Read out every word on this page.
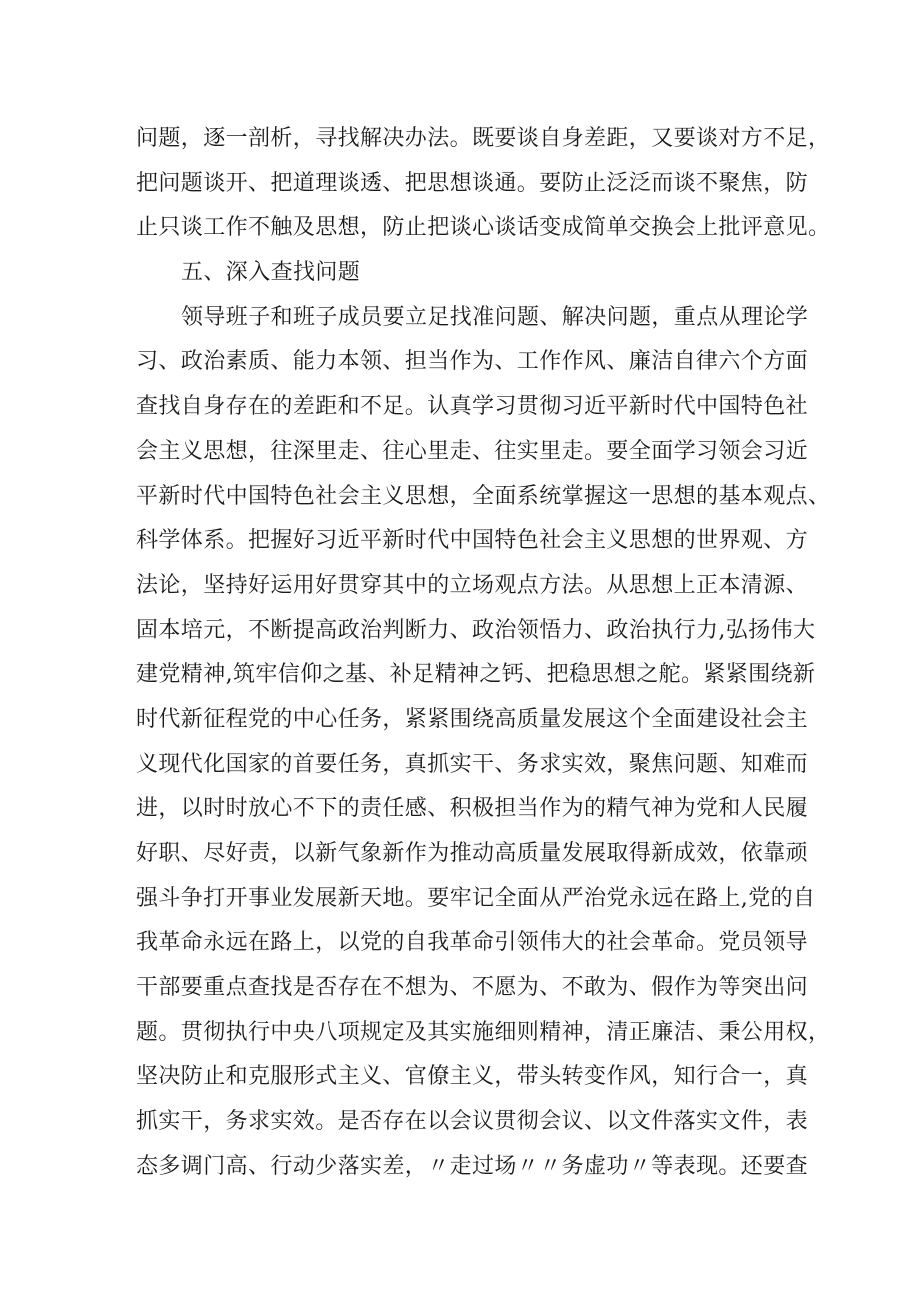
问题，逐一剖析，寻找解决办法。既要谈自身差距，又要谈对方不足，
把问题谈开、把道理谈透、把思想谈通。要防止泛泛而谈不聚焦，防
止只谈工作不触及思想，防止把谈心谈话变成简单交换会上批评意见。
五、深入查找问题
领导班子和班子成员要立足找准问题、解决问题，重点从理论学
习、政治素质、能力本领、担当作为、工作作风、廉洁自律六个方面
查找自身存在的差距和不足。认真学习贯彻习近平新时代中国特色社
会主义思想，往深里走、往心里走、往实里走。要全面学习领会习近
平新时代中国特色社会主义思想，全面系统掌握这一思想的基本观点、
科学体系。把握好习近平新时代中国特色社会主义思想的世界观、方
法论，坚持好运用好贯穿其中的立场观点方法。从思想上正本清源、
固本培元，不断提高政治判断力、政治领悟力、政治执行力,弘扬伟大
建党精神,筑牢信仰之基、补足精神之钙、把稳思想之舵。紧紧围绕新
时代新征程党的中心任务，紧紧围绕高质量发展这个全面建设社会主
义现代化国家的首要任务，真抓实干、务求实效，聚焦问题、知难而
进，以时时放心不下的责任感、积极担当作为的精气神为党和人民履
好职、尽好责，以新气象新作为推动高质量发展取得新成效，依靠顽
强斗争打开事业发展新天地。要牢记全面从严治党永远在路上,党的自
我革命永远在路上，以党的自我革命引领伟大的社会革命。党员领导
干部要重点查找是否存在不想为、不愿为、不敢为、假作为等突出问
题。贯彻执行中央八项规定及其实施细则精神，清正廉洁、秉公用权，
坚决防止和克服形式主义、官僚主义，带头转变作风，知行合一，真
抓实干，务求实效。是否存在以会议贯彻会议、以文件落实文件，表
态多调门高、行动少落实差，〃走过场〃〃务虚功〃等表现。还要查
